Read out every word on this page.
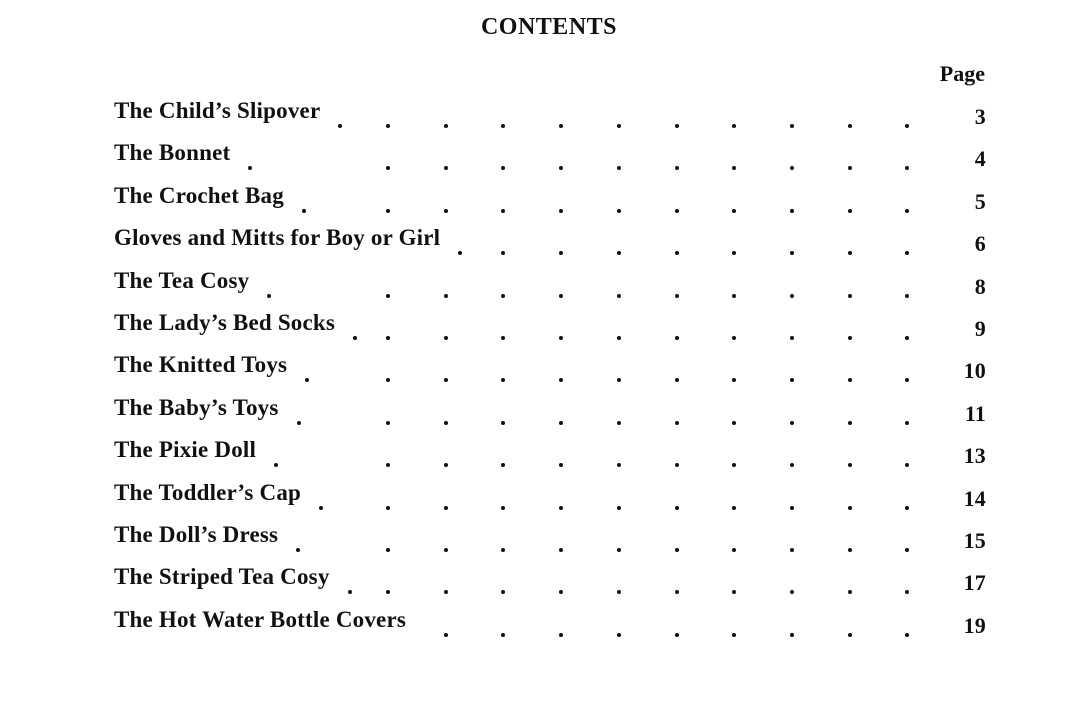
CONTENTS
Page
The Child’s Slipover	3
The Bonnet	4
The Crochet Bag	5
Gloves and Mitts for Boy or Girl	6
The Tea Cosy	8
The Lady’s Bed Socks	9
The Knitted Toys	10
The Baby’s Toys	11
The Pixie Doll	13
The Toddler’s Cap	14
The Doll’s Dress	15
The Striped Tea Cosy	17
The Hot Water Bottle Covers	19
